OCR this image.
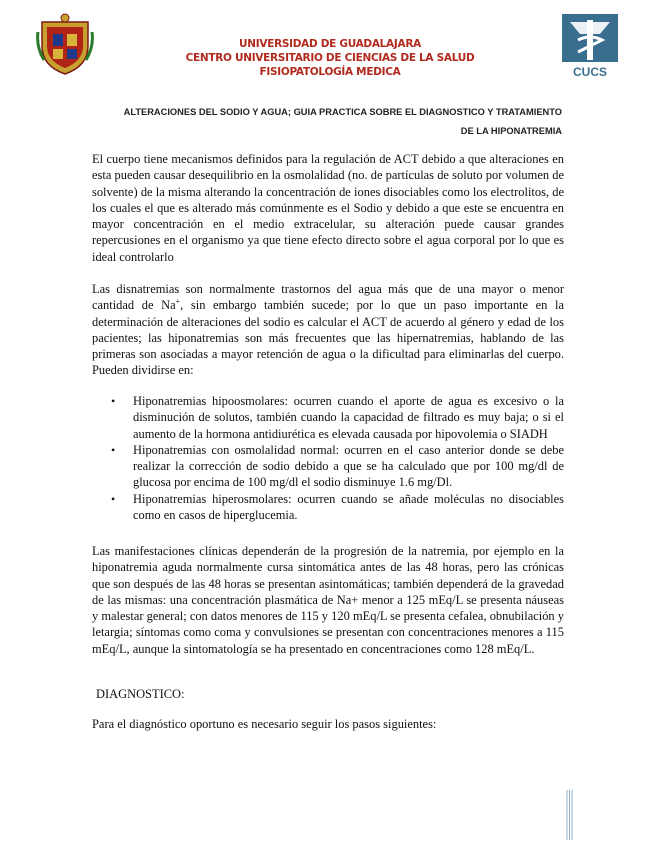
CUCS
UNIVERSIDAD DE GUADALAJARA
CENTRO UNIVERSITARIO DE CIENCIAS DE LA SALUD
FISIOPATOLOGÍA MEDICA
ALTERACIONES DEL SODIO Y AGUA; GUIA PRACTICA SOBRE EL DIAGNOSTICO Y TRATAMIENTO
DE LA HIPONATREMIA

El cuerpo tiene mecanismos definidos para la regulación de ACT debido a que alteraciones en esta pueden causar desequilibrio en la osmolalidad (no. de partículas de soluto por volumen de solvente) de la misma alterando la concentración de iones disociables como los electrolitos, de los cuales el que es alterado más comúnmente es el Sodio y debido a que este se encuentra en mayor concentración en el medio extracelular, su alteración puede causar grandes repercusiones en el organismo ya que tiene efecto directo sobre el agua corporal por lo que es ideal controlarlo

Las disnatremias son normalmente trastornos del agua más que de una mayor o menor cantidad de Na+, sin embargo también sucede; por lo que un paso importante en la determinación de alteraciones del sodio es calcular el ACT de acuerdo al género y edad de los pacientes; las hiponatremias son más frecuentes que las hipernatremias, hablando de las primeras son asociadas a mayor retención de agua o la dificultad para eliminarlas del cuerpo. Pueden dividirse en:

• Hiponatremias hipoosmolares: ocurren cuando el aporte de agua es excesivo o la disminución de solutos, también cuando la capacidad de filtrado es muy baja; o si el aumento de la hormona antidiurética es elevada causada por hipovolemia o SIADH
• Hiponatremias con osmolalidad normal: ocurren en el caso anterior donde se debe realizar la corrección de sodio debido a que se ha calculado que por 100 mg/dl de glucosa por encima de 100 mg/dl el sodio disminuye 1.6 mg/Dl.
• Hiponatremias hiperosmolares: ocurren cuando se añade moléculas no disociables como en casos de hiperglucemia.

Las manifestaciones clínicas dependerán de la progresión de la natremia, por ejemplo en la hiponatremia aguda normalmente cursa sintomática antes de las 48 horas, pero las crónicas que son después de las 48 horas se presentan asintomáticas; también dependerá de la gravedad de las mismas: una concentración plasmática de Na+ menor a 125 mEq/L se presenta náuseas y malestar general; con datos menores de 115 y 120 mEq/L se presenta cefalea, obnubilación y letargia; síntomas como coma y convulsiones se presentan con concentraciones menores a 115 mEq/L, aunque la sintomatología se ha presentado en concentraciones como 128 mEq/L.

DIAGNOSTICO:
Para el diagnóstico oportuno es necesario seguir los pasos siguientes:
